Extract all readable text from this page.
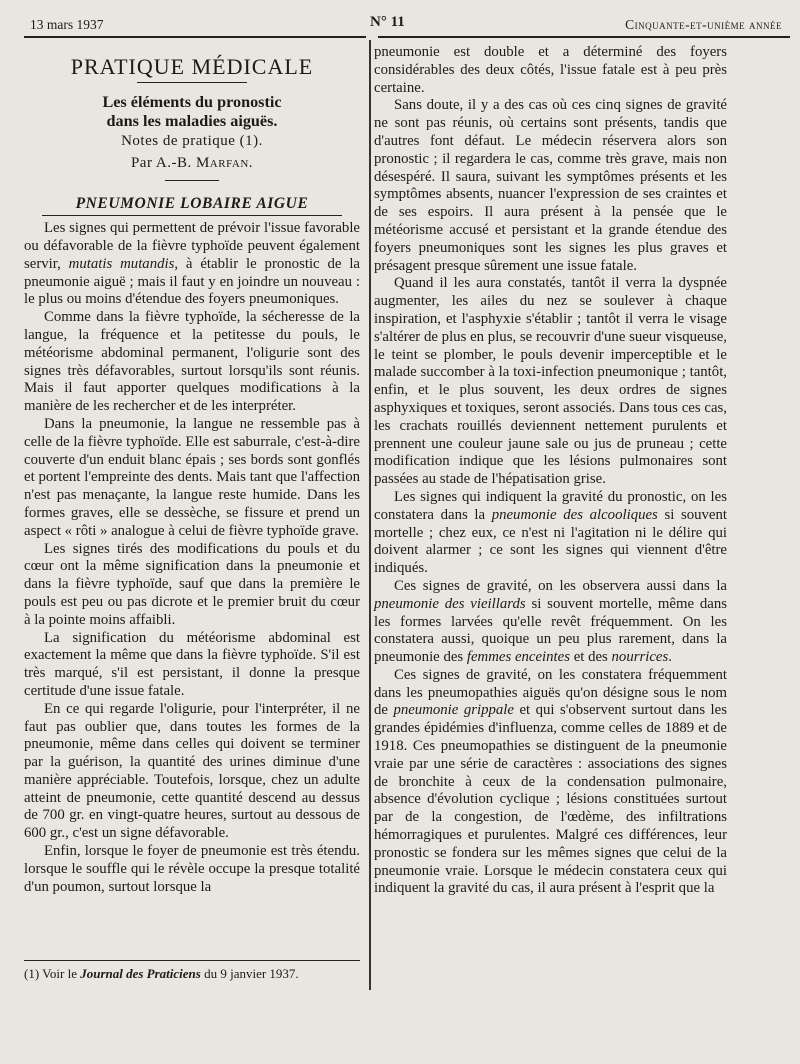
13 mars 1937	N° 11	Cinquante-et-unième année
PRATIQUE MÉDICALE
Les éléments du pronostic
dans les maladies aiguës.
Notes de pratique (1).
Par A.-B. Marfan.
PNEUMONIE LOBAIRE AIGUE

Les signes qui permettent de prévoir l'issue favorable ou défavorable de la fièvre typhoïde peuvent également servir, mutatis mutandis, à établir le pronostic de la pneumonie aiguë ; mais il faut y en joindre un nouveau : le plus ou moins d'étendue des foyers pneumoniques.

Comme dans la fièvre typhoïde, la sécheresse de la langue, la fréquence et la petitesse du pouls, le météorisme abdominal permanent, l'oligurie sont des signes très défavorables, surtout lorsqu'ils sont réunis. Mais il faut apporter quelques modifications à la manière de les rechercher et de les interpréter.

Dans la pneumonie, la langue ne ressemble pas à celle de la fièvre typhoïde. Elle est saburrale, c'est-à-dire couverte d'un enduit blanc épais ; ses bords sont gonflés et portent l'empreinte des dents. Mais tant que l'affection n'est pas menaçante, la langue reste humide. Dans les formes graves, elle se dessèche, se fissure et prend un aspect « rôti » analogue à celui de fièvre typhoïde grave.

Les signes tirés des modifications du pouls et du cœur ont la même signification dans la pneumonie et dans la fièvre typhoïde, sauf que dans la première le pouls est peu ou pas dicrote et le premier bruit du cœur à la pointe moins affaibli.

La signification du météorisme abdominal est exactement la même que dans la fièvre typhoïde. S'il est très marqué, s'il est persistant, il donne la presque certitude d'une issue fatale.

En ce qui regarde l'oligurie, pour l'interpréter, il ne faut pas oublier que, dans toutes les formes de la pneumonie, même dans celles qui doivent se terminer par la guérison, la quantité des urines diminue d'une manière appréciable. Toutefois, lorsque, chez un adulte atteint de pneumonie, cette quantité descend au dessus de 700 gr. en vingt-quatre heures, surtout au dessous de 600 gr., c'est un signe défavorable.

Enfin, lorsque le foyer de pneumonie est très étendu. lorsque le souffle qui le révèle occupe la presque totalité d'un poumon, surtout lorsque la

(1) Voir le Journal des Praticiens du 9 janvier 1937.

pneumonie est double et a déterminé des foyers considérables des deux côtés, l'issue fatale est à peu près certaine.

Sans doute, il y a des cas où ces cinq signes de gravité ne sont pas réunis, où certains sont présents, tandis que d'autres font défaut. Le médecin réservera alors son pronostic ; il regardera le cas, comme très grave, mais non désespéré. Il saura, suivant les symptômes présents et les symptômes absents, nuancer l'expression de ses craintes et de ses espoirs. Il aura présent à la pensée que le météorisme accusé et persistant et la grande étendue des foyers pneumoniques sont les signes les plus graves et présagent presque sûrement une issue fatale.

Quand il les aura constatés, tantôt il verra la dyspnée augmenter, les ailes du nez se soulever à chaque inspiration, et l'asphyxie s'établir ; tantôt il verra le visage s'altérer de plus en plus, se recouvrir d'une sueur visqueuse, le teint se plomber, le pouls devenir imperceptible et le malade succomber à la toxi-infection pneumonique ; tantôt, enfin, et le plus souvent, les deux ordres de signes asphyxiques et toxiques, seront associés. Dans tous ces cas, les crachats rouillés deviennent nettement purulents et prennent une couleur jaune sale ou jus de pruneau ; cette modification indique que les lésions pulmonaires sont passées au stade de l'hépatisation grise.

Les signes qui indiquent la gravité du pronostic, on les constatera dans la pneumonie des alcooliques si souvent mortelle ; chez eux, ce n'est ni l'agitation ni le délire qui doivent alarmer ; ce sont les signes qui viennent d'être indiqués.

Ces signes de gravité, on les observera aussi dans la pneumonie des vieillards si souvent mortelle, même dans les formes larvées qu'elle revêt fréquemment. On les constatera aussi, quoique un peu plus rarement, dans la pneumonie des femmes enceintes et des nourrices.

Ces signes de gravité, on les constatera fréquemment dans les pneumopathies aiguës qu'on désigne sous le nom de pneumonie grippale et qui s'observent surtout dans les grandes épidémies d'influenza, comme celles de 1889 et de 1918. Ces pneumopathies se distinguent de la pneumonie vraie par une série de caractères : associations des signes de bronchite à ceux de la condensation pulmonaire, absence d'évolution cyclique ; lésions constituées surtout par de la congestion, de l'œdème, des infiltrations hémorragiques et purulentes. Malgré ces différences, leur pronostic se fondera sur les mêmes signes que celui de la pneumonie vraie. Lorsque le médecin constatera ceux qui indiquent la gravité du cas, il aura présent à l'esprit que la
